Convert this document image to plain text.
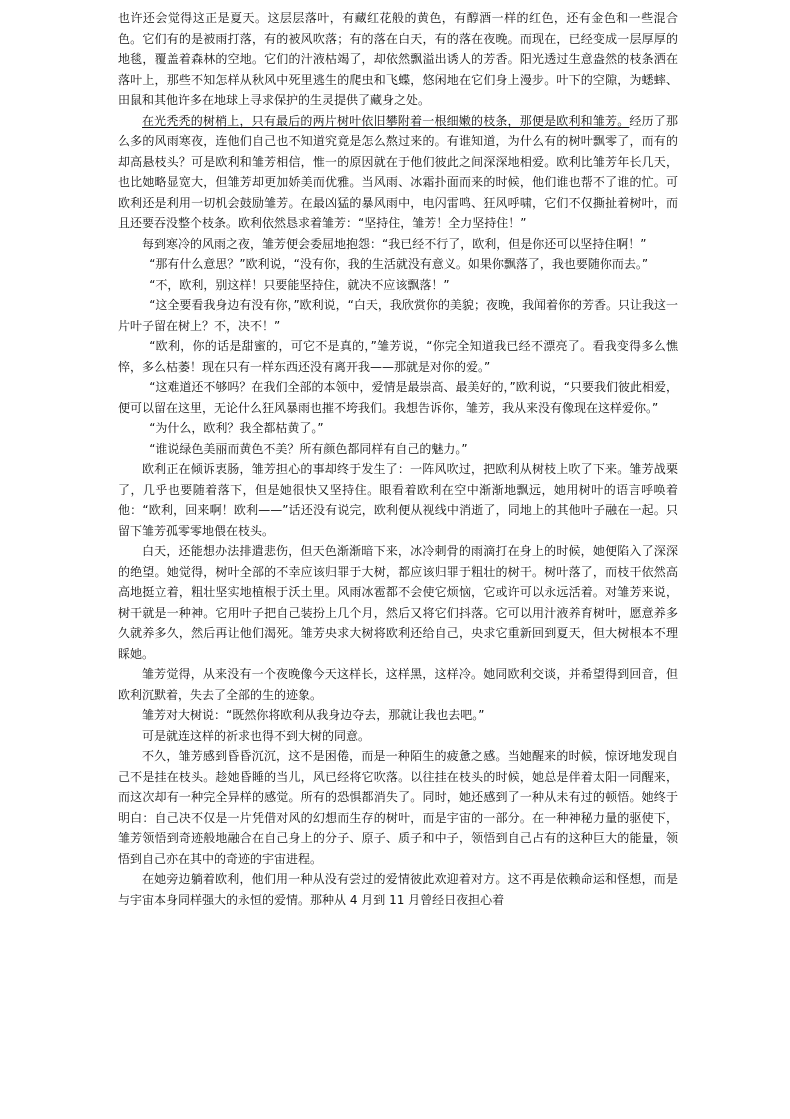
也许还会觉得这正是夏天。这层层落叶，有藏红花般的黄色，有醇酒一样的红色，还有金色和一些混合色。它们有的是被雨打落，有的被风吹落；有的落在白天，有的落在夜晚。而现在，已经变成一层厚厚的地毯，覆盖着森林的空地。它们的汁液枯竭了，却依然飘溢出诱人的芳香。阳光透过生意盎然的枝条洒在落叶上，那些不知怎样从秋风中死里逃生的爬虫和飞蝶，悠闲地在它们身上漫步。叶下的空隙，为蟋蟀、田鼠和其他许多在地球上寻求保护的生灵提供了藏身之处。

在光秃秃的树梢上，只有最后的两片树叶依旧攀附着一根细嫩的枝条，那便是欧利和雏芳。经历了那么多的风雨寒夜，连他们自己也不知道究竟是怎么熬过来的。有谁知道，为什么有的树叶飘零了，而有的却高悬枝头？可是欧利和雏芳相信，惟一的原因就在于他们彼此之间深深地相爱。欧利比雏芳年长几天，也比她略显宽大，但雏芳却更加娇美而优雅。当风雨、冰霜扑面而来的时候，他们谁也帮不了谁的忙。可欧利还是利用一切机会鼓励雏芳。在最凶猛的暴风雨中，电闪雷鸣、狂风呼啸，它们不仅撕扯着树叶，而且还要吞没整个枝条。欧利依然恳求着雏芳：“坚持住，雏芳！全力坚持住！”

每到寒冷的风雨之夜，雏芳便会委屈地抱怨：“我已经不行了，欧利，但是你还可以坚持住啊！”

“那有什么意思？”欧利说，“没有你，我的生活就没有意义。如果你飘落了，我也要随你而去。”

“不，欧利，别这样！只要能坚持住，就决不应该飘落！”

“这全要看我身边有没有你，”欧利说，“白天，我欣赏你的美貌；夜晚，我闻着你的芳香。只让我这一片叶子留在树上？不，决不！”

“欧利，你的话是甜蜜的，可它不是真的，”雏芳说，“你完全知道我已经不漂亮了。看我变得多么憔悴，多么枯萎！现在只有一样东西还没有离开我——那就是对你的爱。”

“这难道还不够吗？在我们全部的本领中，爱情是最崇高、最美好的，”欧利说，“只要我们彼此相爱，便可以留在这里，无论什么狂风暴雨也摧不垮我们。我想告诉你，雏芳，我从来没有像现在这样爱你。”

“为什么，欧利？我全都枯黄了。”

“谁说绿色美丽而黄色不美？所有颜色都同样有自己的魅力。”

欧利正在倾诉衷肠，雏芳担心的事却终于发生了：一阵风吹过，把欧利从树枝上吹了下来。雏芳战栗了，几乎也要随着落下，但是她很快又坚持住。眼看着欧利在空中渐渐地飘远，她用树叶的语言呼唤着他：“欧利，回来啊！欧利——”话还没有说完，欧利便从视线中消逝了，同地上的其他叶子融在一起。只留下雏芳孤零零地偎在枝头。

白天，还能想办法排遣悲伤，但天色渐渐暗下来，冰冷刺骨的雨滴打在身上的时候，她便陷入了深深的绝望。她觉得，树叶全部的不幸应该归罪于大树，都应该归罪于粗壮的树干。树叶落了，而枝干依然高高地挺立着，粗壮坚实地植根于沃土里。风雨冰雹都不会使它烦恼，它或许可以永远活着。对雏芳来说，树干就是一种神。它用叶子把自己装扮上几个月，然后又将它们抖落。它可以用汁液养育树叶，愿意养多久就养多久，然后再让他们渴死。雏芳央求大树将欧利还给自己，央求它重新回到夏天，但大树根本不理睬她。

雏芳觉得，从来没有一个夜晚像今天这样长，这样黑，这样冷。她同欧利交谈，并希望得到回音，但欧利沉默着，失去了全部的生的迹象。

雏芳对大树说：“既然你将欧利从我身边夺去，那就让我也去吧。”

可是就连这样的祈求也得不到大树的同意。

不久，雏芳感到昏昏沉沉，这不是困倦，而是一种陌生的疲惫之感。当她醒来的时候，惊讶地发现自己不是挂在枝头。趁她昏睡的当儿，风已经将它吹落。以往挂在枝头的时候，她总是伴着太阳一同醒来，而这次却有一种完全异样的感觉。所有的恐惧都消失了。同时，她还感到了一种从未有过的顿悟。她终于明白：自己决不仅是一片凭借对风的幻想而生存的树叶，而是宇宙的一部分。在一种神秘力量的驱使下，雏芳领悟到奇迹般地融合在自己身上的分子、原子、质子和中子，领悟到自己占有的这种巨大的能量，领悟到自己亦在其中的奇迹的宇宙进程。

在她旁边躺着欧利，他们用一种从没有尝过的爱情彼此欢迎着对方。这不再是依赖命运和怪想，而是与宇宙本身同样强大的永恒的爱情。那种从 4 月到 11 月曾经日夜担心着
